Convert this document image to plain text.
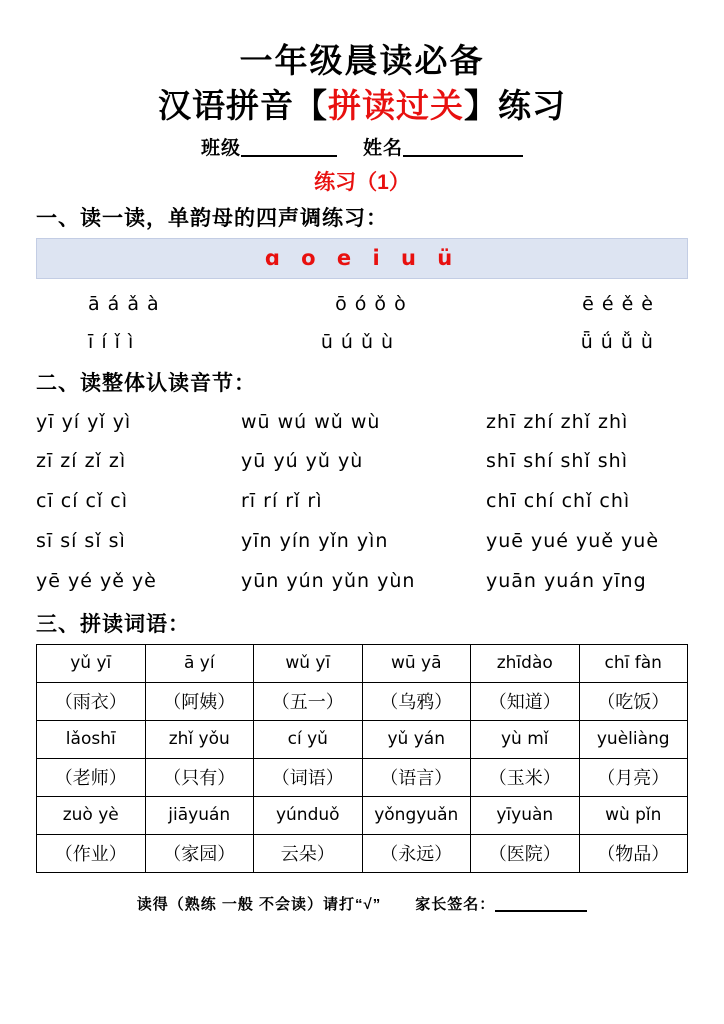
一年级晨读必备
汉语拼音【拼读过关】练习
班级	姓名
练习（1）
一、读一读，单韵母的四声调练习：
ɑ o e i u ü
ā á ǎ à	ō ó ǒ ò	ē é ě è
ī í ǐ ì	ū ú ǔ ù	ǖ ǘ ǚ ǜ
二、读整体认读音节：
yī yí yǐ yì	wū wú wǔ wù	zhī zhí zhǐ zhì
zī zí zǐ zì	yū yú yǔ yù	shī shí shǐ shì
cī cí cǐ cì	rī rí rǐ rì	chī chí chǐ chì
sī sí sǐ sì	yīn yín yǐn yìn	yuē yué yuě yuè
yē yé yě yè	yūn yún yǔn yùn	yuān yuán yīng
三、拼读词语：
yǔ yī	ā yí	wǔ yī	wū yā	zhīdào	chī fàn
（雨衣）	（阿姨）	（五一）	（乌鸦）	（知道）	（吃饭）
lǎoshī	zhǐ yǒu	cí yǔ	yǔ yán	yù mǐ	yuèliàng
（老师）	（只有）	（词语）	（语言）	（玉米）	（月亮）
zuò yè	jiāyuán	yúnduǒ	yǒngyuǎn	yīyuàn	wù pǐn
（作业）	（家园）	云朵）	（永远）	（医院）	（物品）
读得（熟练 一般 不会读）请打“√” 家长签名：
